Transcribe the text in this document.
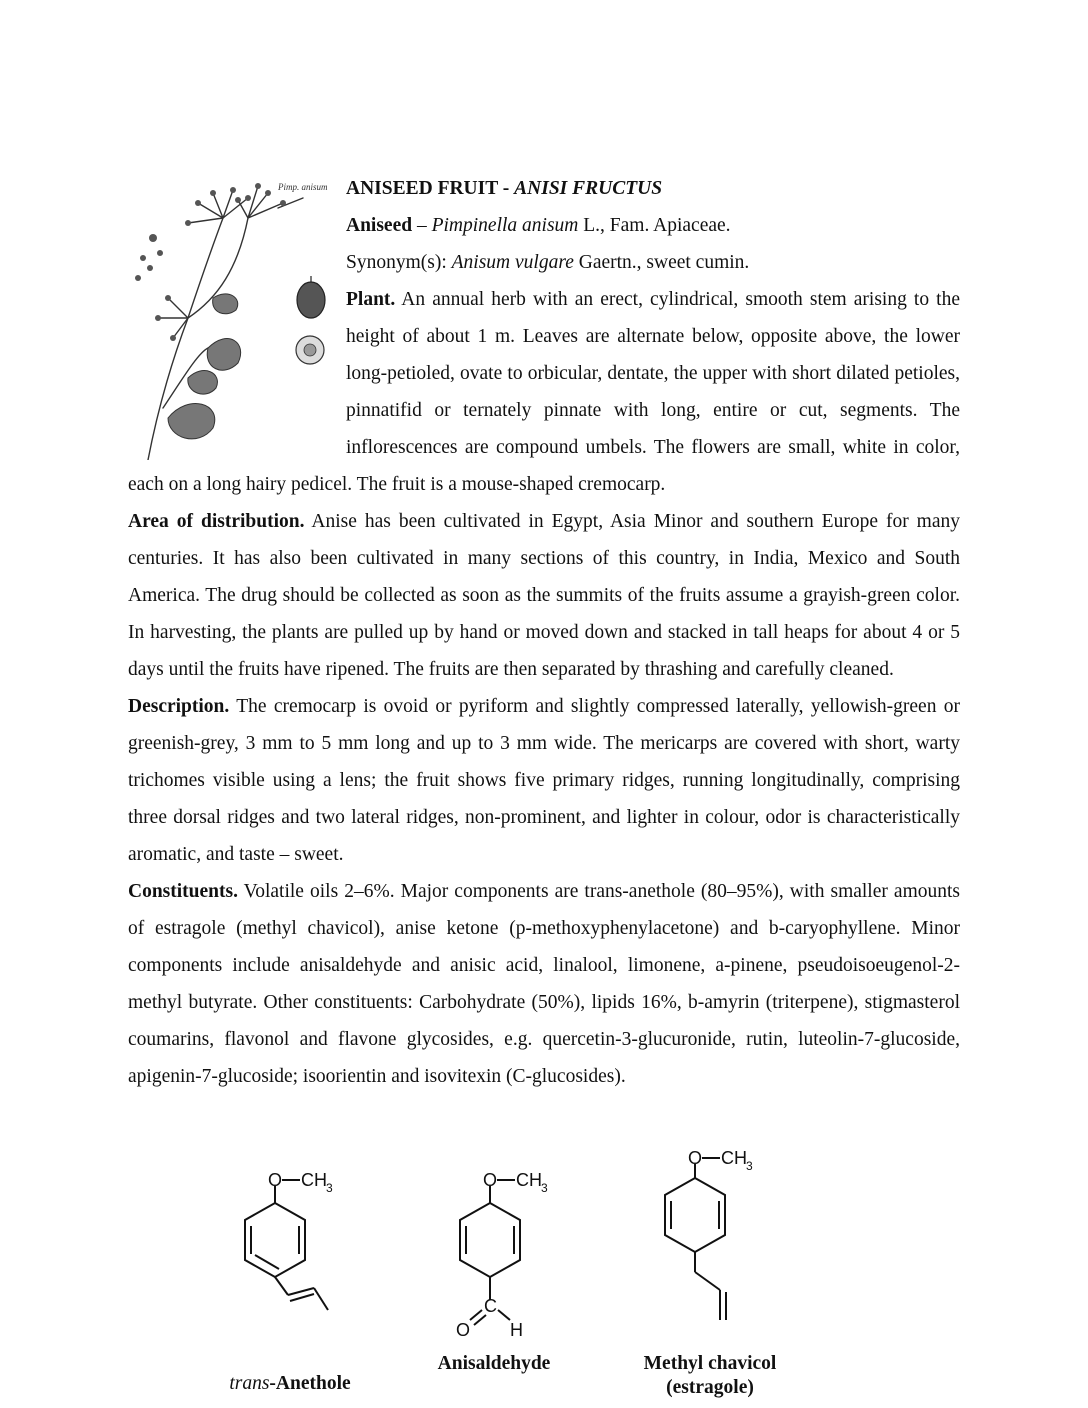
Pimp. anisum ANISEED FRUIT - ANISI FRUCTUS

Aniseed – Pimpinella anisum L., Fam. Apiaceae.

Synonym(s): Anisum vulgare Gaertn., sweet cumin.

Plant. An annual herb with an erect, cylindrical, smooth stem arising to the height of about 1 m. Leaves are alternate below, opposite above, the lower long-petioled, ovate to orbicular, dentate, the upper with short dilated petioles, pinnatifid or ternately pinnate with long, entire or cut, segments. The inflorescences are compound umbels. The flowers are small, white in color, each on a long hairy pedicel. The fruit is a mouse-shaped cremocarp.

Area of distribution. Anise has been cultivated in Egypt, Asia Minor and southern Europe for many centuries. It has also been cultivated in many sections of this country, in India, Mexico and South America. The drug should be collected as soon as the summits of the fruits assume a grayish-green color. In harvesting, the plants are pulled up by hand or moved down and stacked in tall heaps for about 4 or 5 days until the fruits have ripened. The fruits are then separated by thrashing and carefully cleaned.

Description. The cremocarp is ovoid or pyriform and slightly compressed laterally, yellowish-green or greenish-grey, 3 mm to 5 mm long and up to 3 mm wide. The mericarps are covered with short, warty trichomes visible using a lens; the fruit shows five primary ridges, running longitudinally, comprising three dorsal ridges and two lateral ridges, non-prominent, and lighter in colour, odor is characteristically aromatic, and taste – sweet.

Constituents. Volatile oils 2–6%. Major components are trans-anethole (80–95%), with smaller amounts of estragole (methyl chavicol), anise ketone (p-methoxyphenylacetone) and b-caryophyllene. Minor components include anisaldehyde and anisic acid, linalool, limonene, a-pinene, pseudoisoeugenol-2-methyl butyrate. Other constituents: Carbohydrate (50%), lipids 16%, b-amyrin (triterpene), stigmasterol coumarins, flavonol and flavone glycosides, e.g. quercetin-3-glucuronide, rutin, luteolin-7-glucoside, apigenin-7-glucoside; isoorientin and isovitexin (C-glucosides).

O CH 3	O CH 3
C
O H
O CH 3
trans-Anethole
Anisaldehyde	Methyl chavicol
(estragole)
